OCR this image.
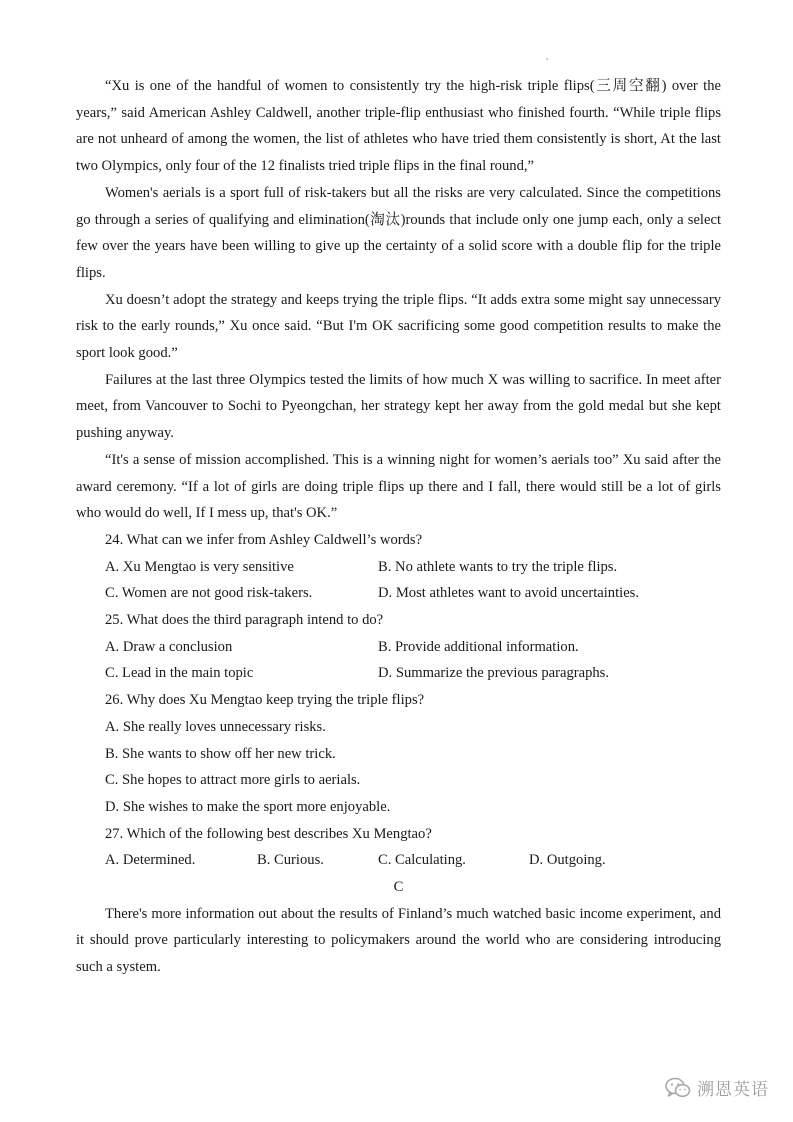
“Xu is one of the handful of women to consistently try the high-risk triple flips(三周空翻) over the years,” said American Ashley Caldwell, another triple-flip enthusiast who finished fourth. “While triple flips are not unheard of among the women, the list of athletes who have tried them consistently is short, At the last two Olympics, only four of the 12 finalists tried triple flips in the final round,”

Women's aerials is a sport full of risk-takers but all the risks are very calculated. Since the competitions go through a series of qualifying and elimination(淘汰)rounds that include only one jump each, only a select few over the years have been willing to give up the certainty of a solid score with a double flip for the triple flips.

Xu doesn’t adopt the strategy and keeps trying the triple flips. “It adds extra some might say unnecessary risk to the early rounds,” Xu once said. “But I'm OK sacrificing some good competition results to make the sport look good.”

Failures at the last three Olympics tested the limits of how much X was willing to sacrifice. In meet after meet, from Vancouver to Sochi to Pyeongchan, her strategy kept her away from the gold medal but she kept pushing anyway.

“It's a sense of mission accomplished. This is a winning night for women’s aerials too” Xu said after the award ceremony. “If a lot of girls are doing triple flips up there and I fall, there would still be a lot of girls who would do well, If I mess up, that's OK.”

24. What can we infer from Ashley Caldwell’s words?

A. Xu Mengtao is very sensitive	B. No athlete wants to try the triple flips.
C. Women are not good risk-takers.	D. Most athletes want to avoid uncertainties.

25. What does the third paragraph intend to do?

A. Draw a conclusion	B. Provide additional information.
C. Lead in the main topic	D. Summarize the previous paragraphs.

26. Why does Xu Mengtao keep trying the triple flips?

A. She really loves unnecessary risks.

B. She wants to show off her new trick.

C. She hopes to attract more girls to aerials.

D. She wishes to make the sport more enjoyable.

27. Which of the following best describes Xu Mengtao?

A. Determined.	B. Curious.	C. Calculating.	D. Outgoing.

C

There's more information out about the results of Finland’s much watched basic income experiment, and it should prove particularly interesting to policymakers around the world who are considering introducing such a system.

溯恩英语
